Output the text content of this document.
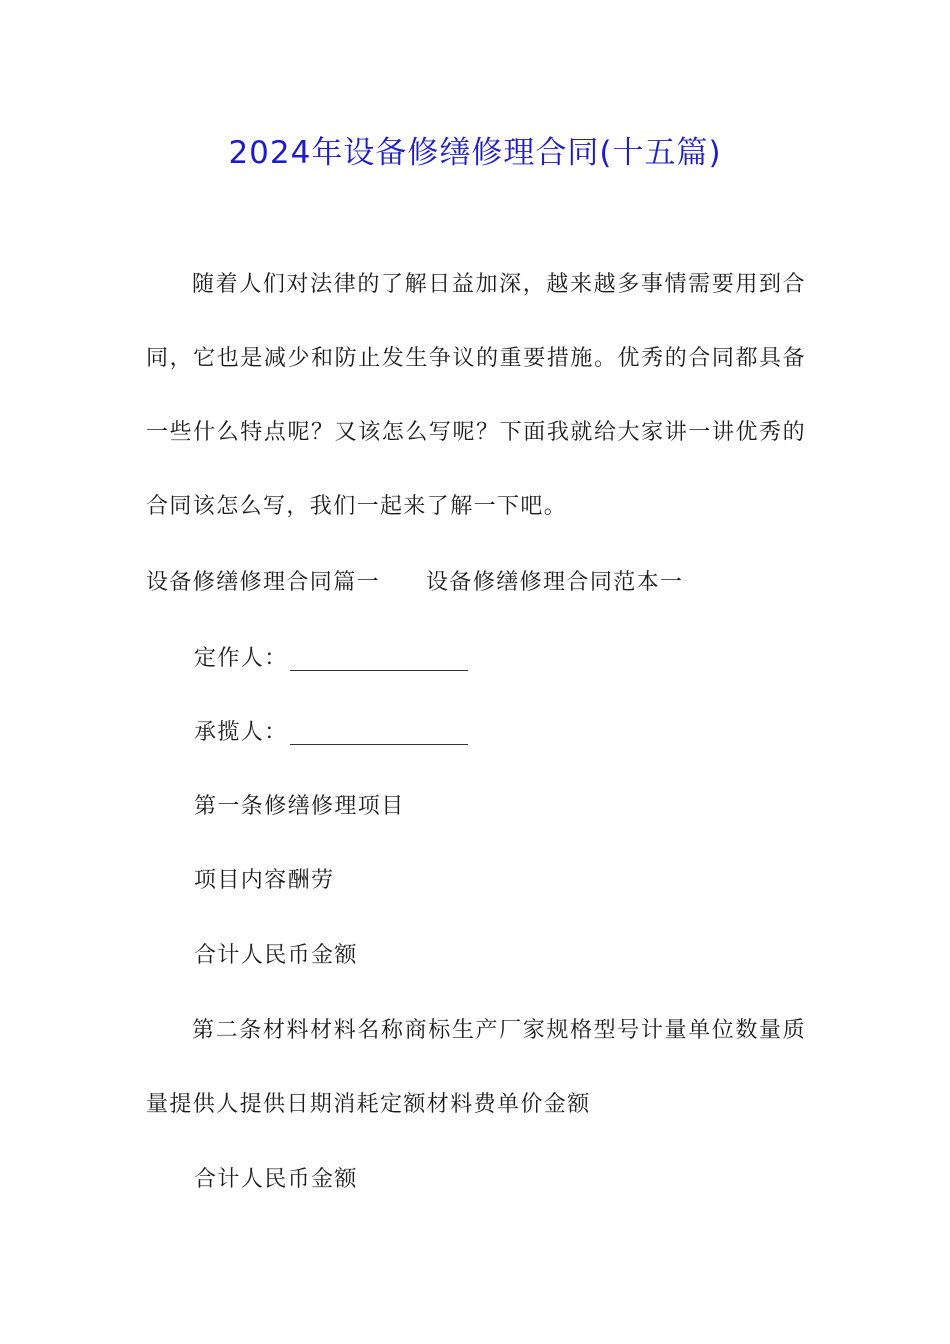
2024年设备修缮修理合同(十五篇)
随着人们对法律的了解日益加深，越来越多事情需要用到合同，它也是减少和防止发生争议的重要措施。优秀的合同都具备一些什么特点呢？又该怎么写呢？下面我就给大家讲一讲优秀的合同该怎么写，我们一起来了解一下吧。
设备修缮修理合同篇一 设备修缮修理合同范本一
定作人：
承揽人：
第一条修缮修理项目
项目内容酬劳
合计人民币金额
第二条材料材料名称商标生产厂家规格型号计量单位数量质量提供人提供日期消耗定额材料费单价金额
合计人民币金额
